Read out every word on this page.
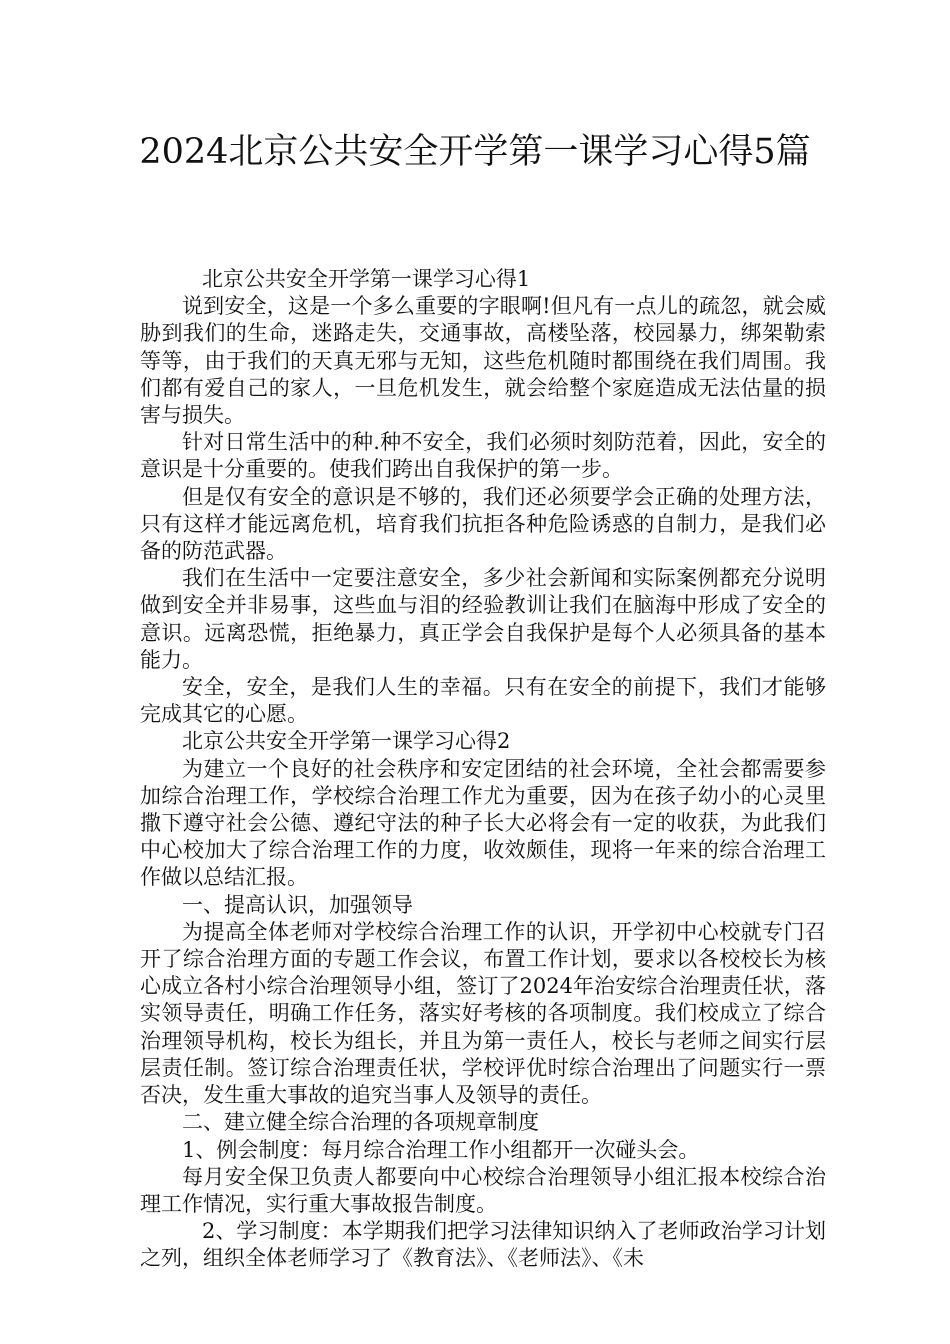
2024北京公共安全开学第一课学习心得5篇

北京公共安全开学第一课学习心得1

说到安全，这是一个多么重要的字眼啊!但凡有一点儿的疏忽，就会威胁到我们的生命，迷路走失，交通事故，高楼坠落，校园暴力，绑架勒索等等，由于我们的天真无邪与无知，这些危机随时都围绕在我们周围。我们都有爱自己的家人，一旦危机发生，就会给整个家庭造成无法估量的损害与损失。

针对日常生活中的种.种不安全，我们必须时刻防范着，因此，安全的意识是十分重要的。使我们跨出自我保护的第一步。

但是仅有安全的意识是不够的，我们还必须要学会正确的处理方法，只有这样才能远离危机，培育我们抗拒各种危险诱惑的自制力，是我们必备的防范武器。

我们在生活中一定要注意安全，多少社会新闻和实际案例都充分说明做到安全并非易事，这些血与泪的经验教训让我们在脑海中形成了安全的意识。远离恐慌，拒绝暴力，真正学会自我保护是每个人必须具备的基本能力。

安全，安全，是我们人生的幸福。只有在安全的前提下，我们才能够完成其它的心愿。

北京公共安全开学第一课学习心得2

为建立一个良好的社会秩序和安定团结的社会环境，全社会都需要参加综合治理工作，学校综合治理工作尤为重要，因为在孩子幼小的心灵里撒下遵守社会公德、遵纪守法的种子长大必将会有一定的收获，为此我们中心校加大了综合治理工作的力度，收效颇佳，现将一年来的综合治理工作做以总结汇报。

一、提高认识，加强领导

为提高全体老师对学校综合治理工作的认识，开学初中心校就专门召开了综合治理方面的专题工作会议，布置工作计划，要求以各校校长为核心成立各村小综合治理领导小组，签订了2024年治安综合治理责任状，落实领导责任，明确工作任务，落实好考核的各项制度。我们校成立了综合治理领导机构，校长为组长，并且为第一责任人，校长与老师之间实行层层责任制。签订综合治理责任状，学校评优时综合治理出了问题实行一票否决，发生重大事故的追究当事人及领导的责任。

二、建立健全综合治理的各项规章制度

1、例会制度：每月综合治理工作小组都开一次碰头会。

每月安全保卫负责人都要向中心校综合治理领导小组汇报本校综合治理工作情况，实行重大事故报告制度。

2、学习制度：本学期我们把学习法律知识纳入了老师政治学习计划之列，组织全体老师学习了《教育法》、《老师法》、《未
